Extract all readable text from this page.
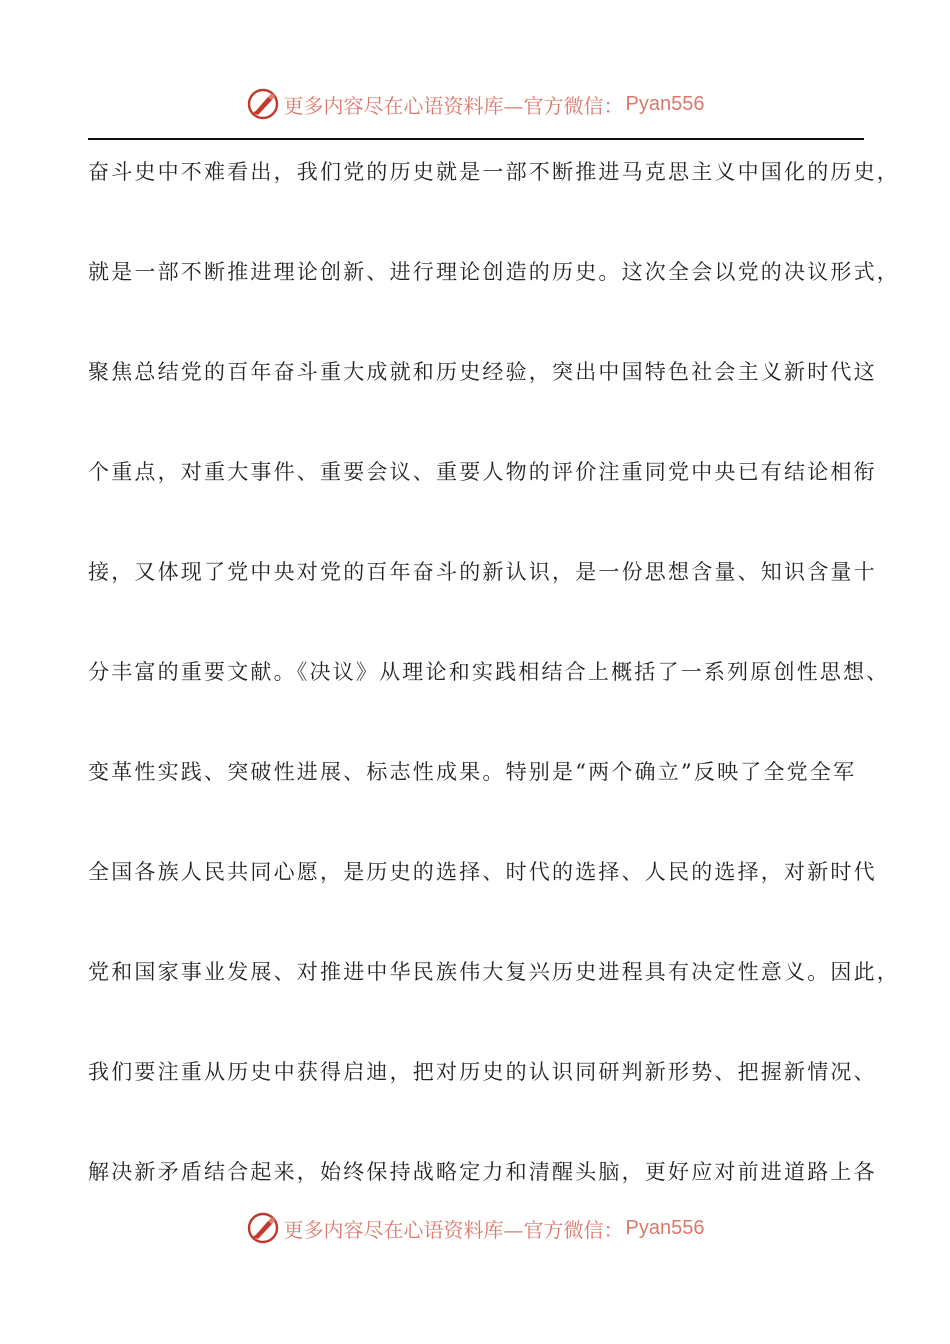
更多内容尽在心语资料库—官方微信： Pyan556
奋斗史中不难看出，我们党的历史就是一部不断推进马克思主义中国化的历史，
就是一部不断推进理论创新、进行理论创造的历史。这次全会以党的决议形式，
聚焦总结党的百年奋斗重大成就和历史经验，突出中国特色社会主义新时代这
个重点，对重大事件、重要会议、重要人物的评价注重同党中央已有结论相衔
接，又体现了党中央对党的百年奋斗的新认识，是一份思想含量、知识含量十
分丰富的重要文献。《决议》从理论和实践相结合上概括了一系列原创性思想、
变革性实践、突破性进展、标志性成果。特别是“两个确立”反映了全党全军
全国各族人民共同心愿，是历史的选择、时代的选择、人民的选择，对新时代
党和国家事业发展、对推进中华民族伟大复兴历史进程具有决定性意义。因此，
我们要注重从历史中获得启迪，把对历史的认识同研判新形势、把握新情况、
解决新矛盾结合起来，始终保持战略定力和清醒头脑，更好应对前进道路上各
更多内容尽在心语资料库—官方微信： Pyan556
